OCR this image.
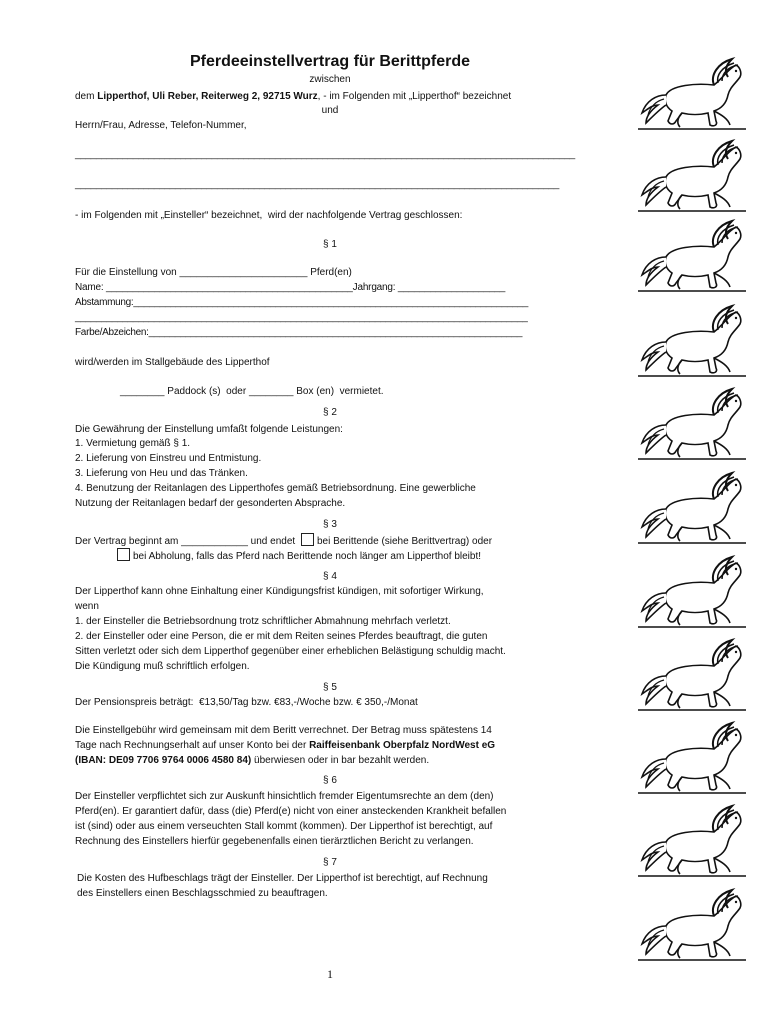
Pferdeeinstellvertrag für Berittpferde
zwischen
dem Lipperthof, Uli Reber, Reiterweg 2, 92715 Wurz, - im Folgenden mit „Lipperthof“ bezeichnet
und
Herrn/Frau, Adresse, Telefon-Nummer,
_______________________________________________________________________________________________
____________________________________________________________________________________________
- im Folgenden mit „Einsteller“ bezeichnet,  wird der nachfolgende Vertrag geschlossen:
§ 1
Für die Einstellung von _______________________ Pferd(en)
Name: ______________________________________________Jahrgang: ____________________
Abstammung:___________________________________________________________________________
______________________________________________________________________________________
Farbe/Abzeichen:_______________________________________________________________________
wird/werden im Stallgebäude des Lipperthof
________ Paddock (s)  oder ________ Box (en)  vermietet.
§ 2
Die Gewährung der Einstellung umfaßt folgende Leistungen:
1. Vermietung gemäß § 1.
2. Lieferung von Einstreu und Entmistung.
3. Lieferung von Heu und das Tränken.
4. Benutzung der Reitanlagen des Lipperthofes gemäß Betriebsordnung. Eine gewerbliche
Nutzung der Reitanlagen bedarf der gesonderten Absprache.
§ 3
Der Vertrag beginnt am ____________ und endet bei Berittende (siehe Berittvertrag) oder
bei Abholung, falls das Pferd nach Berittende noch länger am Lipperthof bleibt!
§ 4
Der Lipperthof kann ohne Einhaltung einer Kündigungsfrist kündigen, mit sofortiger Wirkung,
wenn
1. der Einsteller die Betriebsordnung trotz schriftlicher Abmahnung mehrfach verletzt.
2. der Einsteller oder eine Person, die er mit dem Reiten seines Pferdes beauftragt, die guten
Sitten verletzt oder sich dem Lipperthof gegenüber einer erheblichen Belästigung schuldig macht.
Die Kündigung muß schriftlich erfolgen.
§ 5
Der Pensionspreis beträgt:  €13,50/Tag bzw. €83,-/Woche bzw. € 350,-/Monat
Die Einstellgebühr wird gemeinsam mit dem Beritt verrechnet. Der Betrag muss spätestens 14
Tage nach Rechnungserhalt auf unser Konto bei der Raiffeisenbank Oberpfalz NordWest eG
(IBAN: DE09 7706 9764 0006 4580 84) überwiesen oder in bar bezahlt werden.
§ 6
Der Einsteller verpflichtet sich zur Auskunft hinsichtlich fremder Eigentumsrechte an dem (den)
Pferd(en). Er garantiert dafür, dass (die) Pferd(e) nicht von einer ansteckenden Krankheit befallen
ist (sind) oder aus einem verseuchten Stall kommt (kommen). Der Lipperthof ist berechtigt, auf
Rechnung des Einstellers hierfür gegebenenfalls einen tierärztlichen Bericht zu verlangen.
§ 7
Die Kosten des Hufbeschlags trägt der Einsteller. Der Lipperthof ist berechtigt, auf Rechnung
des Einstellers einen Beschlagsschmied zu beauftragen.
1
